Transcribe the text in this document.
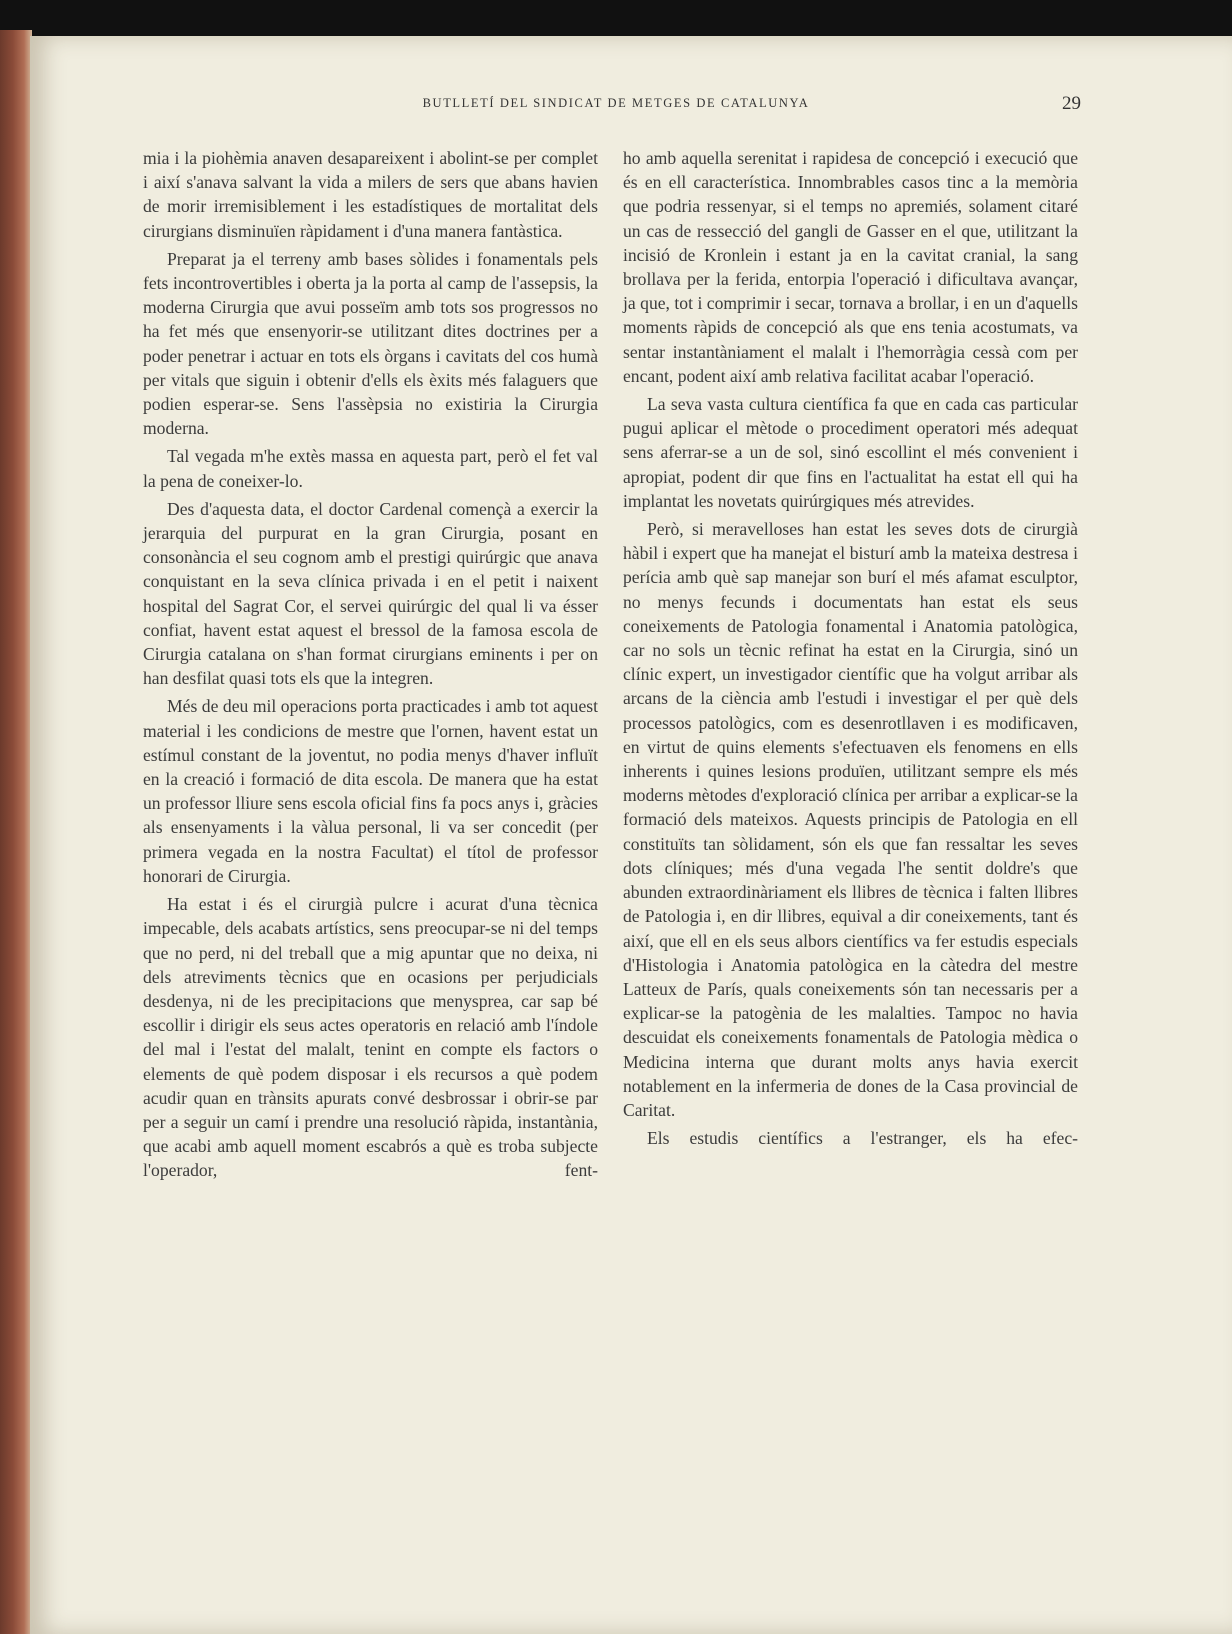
BUTLLETÍ DEL SINDICAT DE METGES DE CATALUNYA	29

mia i la piohèmia anaven desapareixent i abolint-se per complet i així s'anava salvant la vida a milers de sers que abans havien de morir irremisiblement i les estadístiques de mortalitat dels cirurgians disminuïen ràpidament i d'una manera fantàstica.

Preparat ja el terreny amb bases sòlides i fonamentals pels fets incontrovertibles i oberta ja la porta al camp de l'assepsis, la moderna Cirurgia que avui posseïm amb tots sos progressos no ha fet més que ensenyorir-se utilitzant dites doctrines per a poder penetrar i actuar en tots els òrgans i cavitats del cos humà per vitals que siguin i obtenir d'ells els èxits més falaguers que podien esperar-se. Sens l'assèpsia no existiria la Cirurgia moderna.

Tal vegada m'he extès massa en aquesta part, però el fet val la pena de coneixer-lo.

Des d'aquesta data, el doctor Cardenal començà a exercir la jerarquia del purpurat en la gran Cirurgia, posant en consonància el seu cognom amb el prestigi quirúrgic que anava conquistant en la seva clínica privada i en el petit i naixent hospital del Sagrat Cor, el servei quirúrgic del qual li va ésser confiat, havent estat aquest el bressol de la famosa escola de Cirurgia catalana on s'han format cirurgians eminents i per on han desfilat quasi tots els que la integren.

Més de deu mil operacions porta practicades i amb tot aquest material i les condicions de mestre que l'ornen, havent estat un estímul constant de la joventut, no podia menys d'haver influït en la creació i formació de dita escola. De manera que ha estat un professor lliure sens escola oficial fins fa pocs anys i, gràcies als ensenyaments i la vàlua personal, li va ser concedit (per primera vegada en la nostra Facultat) el títol de professor honorari de Cirurgia.

Ha estat i és el cirurgià pulcre i acurat d'una tècnica impecable, dels acabats artístics, sens preocupar-se ni del temps que no perd, ni del treball que a mig apuntar que no deixa, ni dels atreviments tècnics que en ocasions per perjudicials desdenya, ni de les precipitacions que menysprea, car sap bé escollir i dirigir els seus actes operatoris en relació amb l'índole del mal i l'estat del malalt, tenint en compte els factors o elements de què podem disposar i els recursos a què podem acudir quan en trànsits apurats convé desbrossar i obrir-se par per a seguir un camí i prendre una resolució ràpida, instantània, que acabi amb aquell moment escabrós a què es troba subjecte l'operador, fent-

ho amb aquella serenitat i rapidesa de concepció i execució que és en ell característica. Innombrables casos tinc a la memòria que podria ressenyar, si el temps no apremiés, solament citaré un cas de ressecció del gangli de Gasser en el que, utilitzant la incisió de Kronlein i estant ja en la cavitat cranial, la sang brollava per la ferida, entorpia l'operació i dificultava avançar, ja que, tot i comprimir i secar, tornava a brollar, i en un d'aquells moments ràpids de concepció als que ens tenia acostumats, va sentar instantàniament el malalt i l'hemorràgia cessà com per encant, podent així amb relativa facilitat acabar l'operació.

La seva vasta cultura científica fa que en cada cas particular pugui aplicar el mètode o procediment operatori més adequat sens aferrar-se a un de sol, sinó escollint el més convenient i apropiat, podent dir que fins en l'actualitat ha estat ell qui ha implantat les novetats quirúrgiques més atrevides.

Però, si meravelloses han estat les seves dots de cirurgià hàbil i expert que ha manejat el bisturí amb la mateixa destresa i perícia amb què sap manejar son burí el més afamat esculptor, no menys fecunds i documentats han estat els seus coneixements de Patologia fonamental i Anatomia patològica, car no sols un tècnic refinat ha estat en la Cirurgia, sinó un clínic expert, un investigador científic que ha volgut arribar als arcans de la ciència amb l'estudi i investigar el per què dels processos patològics, com es desenrotllaven i es modificaven, en virtut de quins elements s'efectuaven els fenomens en ells inherents i quines lesions produïen, utilitzant sempre els més moderns mètodes d'exploració clínica per arribar a explicar-se la formació dels mateixos. Aquests principis de Patologia en ell constituïts tan sòlidament, són els que fan ressaltar les seves dots clíniques; més d'una vegada l'he sentit doldre's que abunden extraordinàriament els llibres de tècnica i falten llibres de Patologia i, en dir llibres, equival a dir coneixements, tant és així, que ell en els seus albors científics va fer estudis especials d'Histologia i Anatomia patològica en la càtedra del mestre Latteux de París, quals coneixements són tan necessaris per a explicar-se la patogènia de les malalties. Tampoc no havia descuidat els coneixements fonamentals de Patologia mèdica o Medicina interna que durant molts anys havia exercit notablement en la infermeria de dones de la Casa provincial de Caritat.

Els estudis científics a l'estranger, els ha efec-
